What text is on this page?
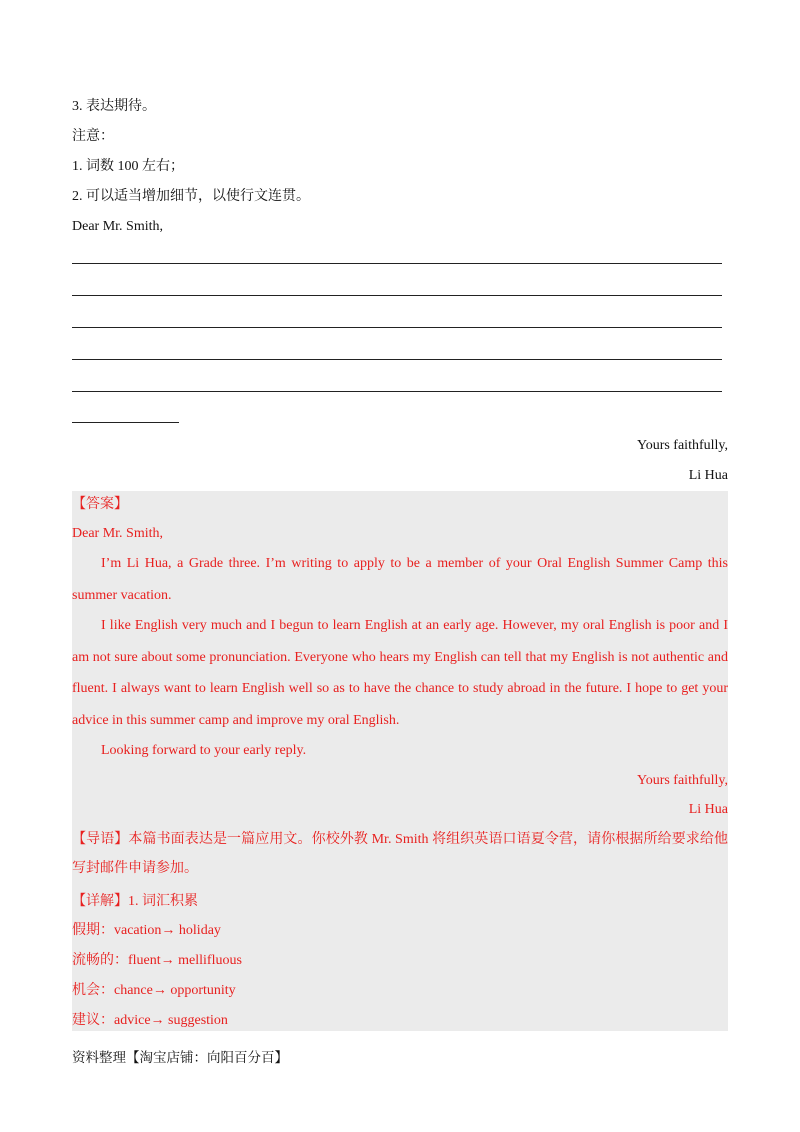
3. 表达期待。
注意：
1. 词数 100 左右；
2. 可以适当增加细节，以使行文连贯。
Dear Mr. Smith,
Yours faithfully,
Li Hua
【答案】
Dear Mr. Smith,
I’m Li Hua, a Grade three. I’m writing to apply to be a member of your Oral English Summer Camp this summer vacation.
I like English very much and I begun to learn English at an early age. However, my oral English is poor and I am not sure about some pronunciation. Everyone who hears my English can tell that my English is not authentic and fluent. I always want to learn English well so as to have the chance to study abroad in the future. I hope to get your advice in this summer camp and improve my oral English.
Looking forward to your early reply.
Yours faithfully,
Li Hua
【导语】本篇书面表达是一篇应用文。你校外教 Mr. Smith 将组织英语口语夏令营，请你根据所给要求给他写封邮件申请参加。
【详解】1. 词汇积累
假期：vacation→ holiday
流畅的：fluent→ mellifluous
机会：chance→ opportunity
建议：advice→ suggestion
资料整理【淘宝店铺：向阳百分百】
